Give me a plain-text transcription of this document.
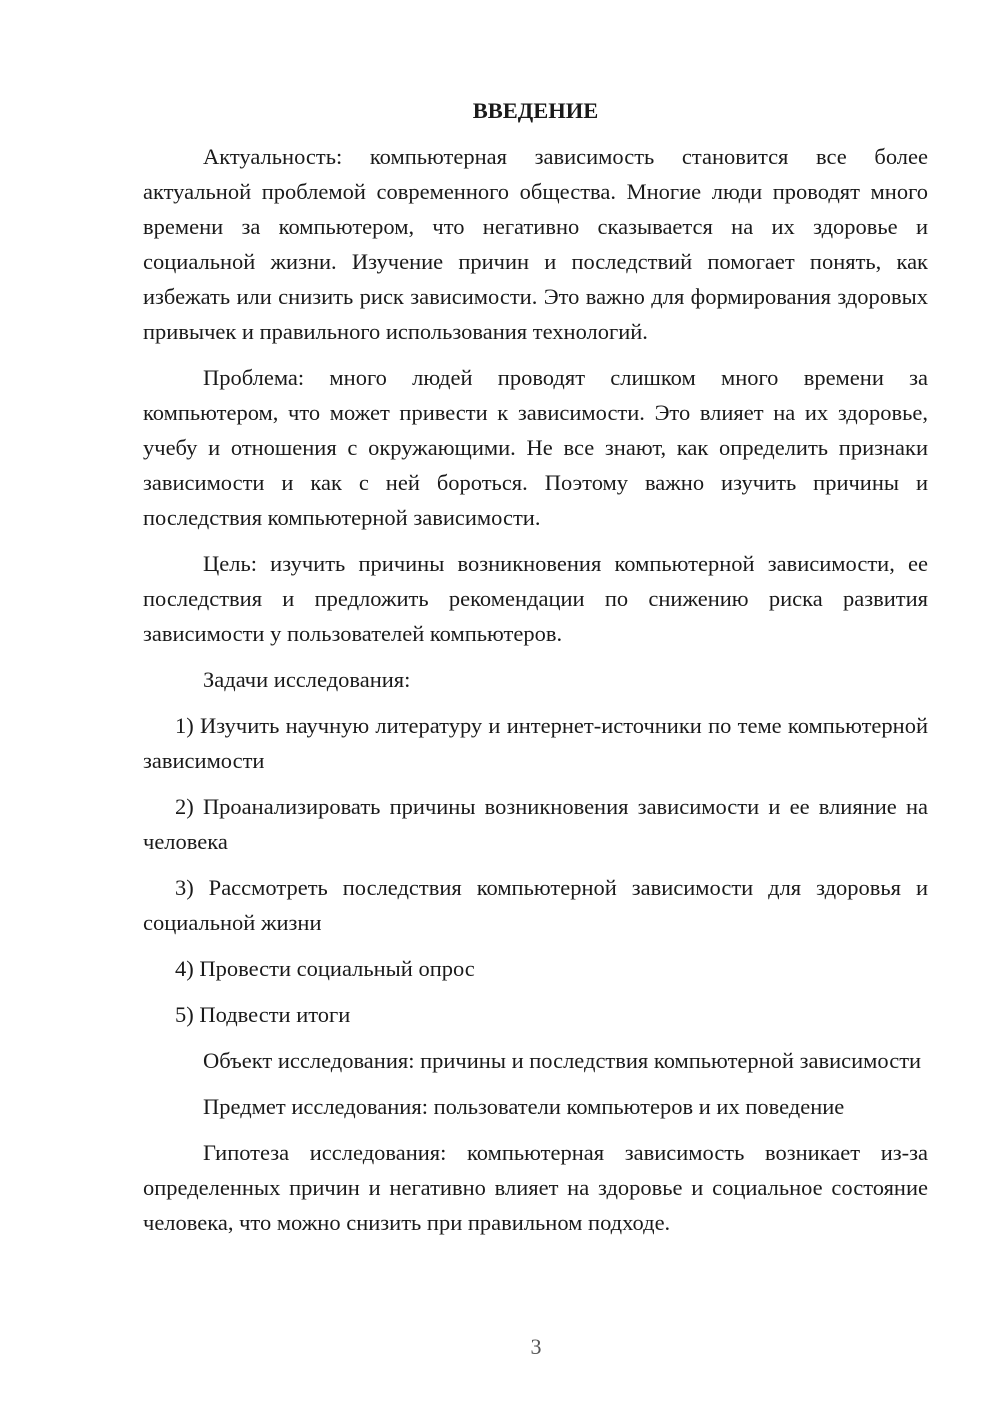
ВВЕДЕНИЕ

Актуальность: компьютерная зависимость становится все более актуальной проблемой современного общества. Многие люди проводят много времени за компьютером, что негативно сказывается на их здоровье и социальной жизни. Изучение причин и последствий помогает понять, как избежать или снизить риск зависимости. Это важно для формирования здоровых привычек и правильного использования технологий.

Проблема: много людей проводят слишком много времени за компьютером, что может привести к зависимости. Это влияет на их здоровье, учебу и отношения с окружающими. Не все знают, как определить признаки зависимости и как с ней бороться. Поэтому важно изучить причины и последствия компьютерной зависимости.

Цель: изучить причины возникновения компьютерной зависимости, ее последствия и предложить рекомендации по снижению риска развития зависимости у пользователей компьютеров.

Задачи исследования:

1) Изучить научную литературу и интернет-источники по теме компьютерной зависимости

2) Проанализировать причины возникновения зависимости и ее влияние на человека

3) Рассмотреть последствия компьютерной зависимости для здоровья и социальной жизни

4) Провести социальный опрос

5) Подвести итоги

Объект исследования: причины и последствия компьютерной зависимости

Предмет исследования: пользователи компьютеров и их поведение

Гипотеза исследования: компьютерная зависимость возникает из-за определенных причин и негативно влияет на здоровье и социальное состояние человека, что можно снизить при правильном подходе.

3
